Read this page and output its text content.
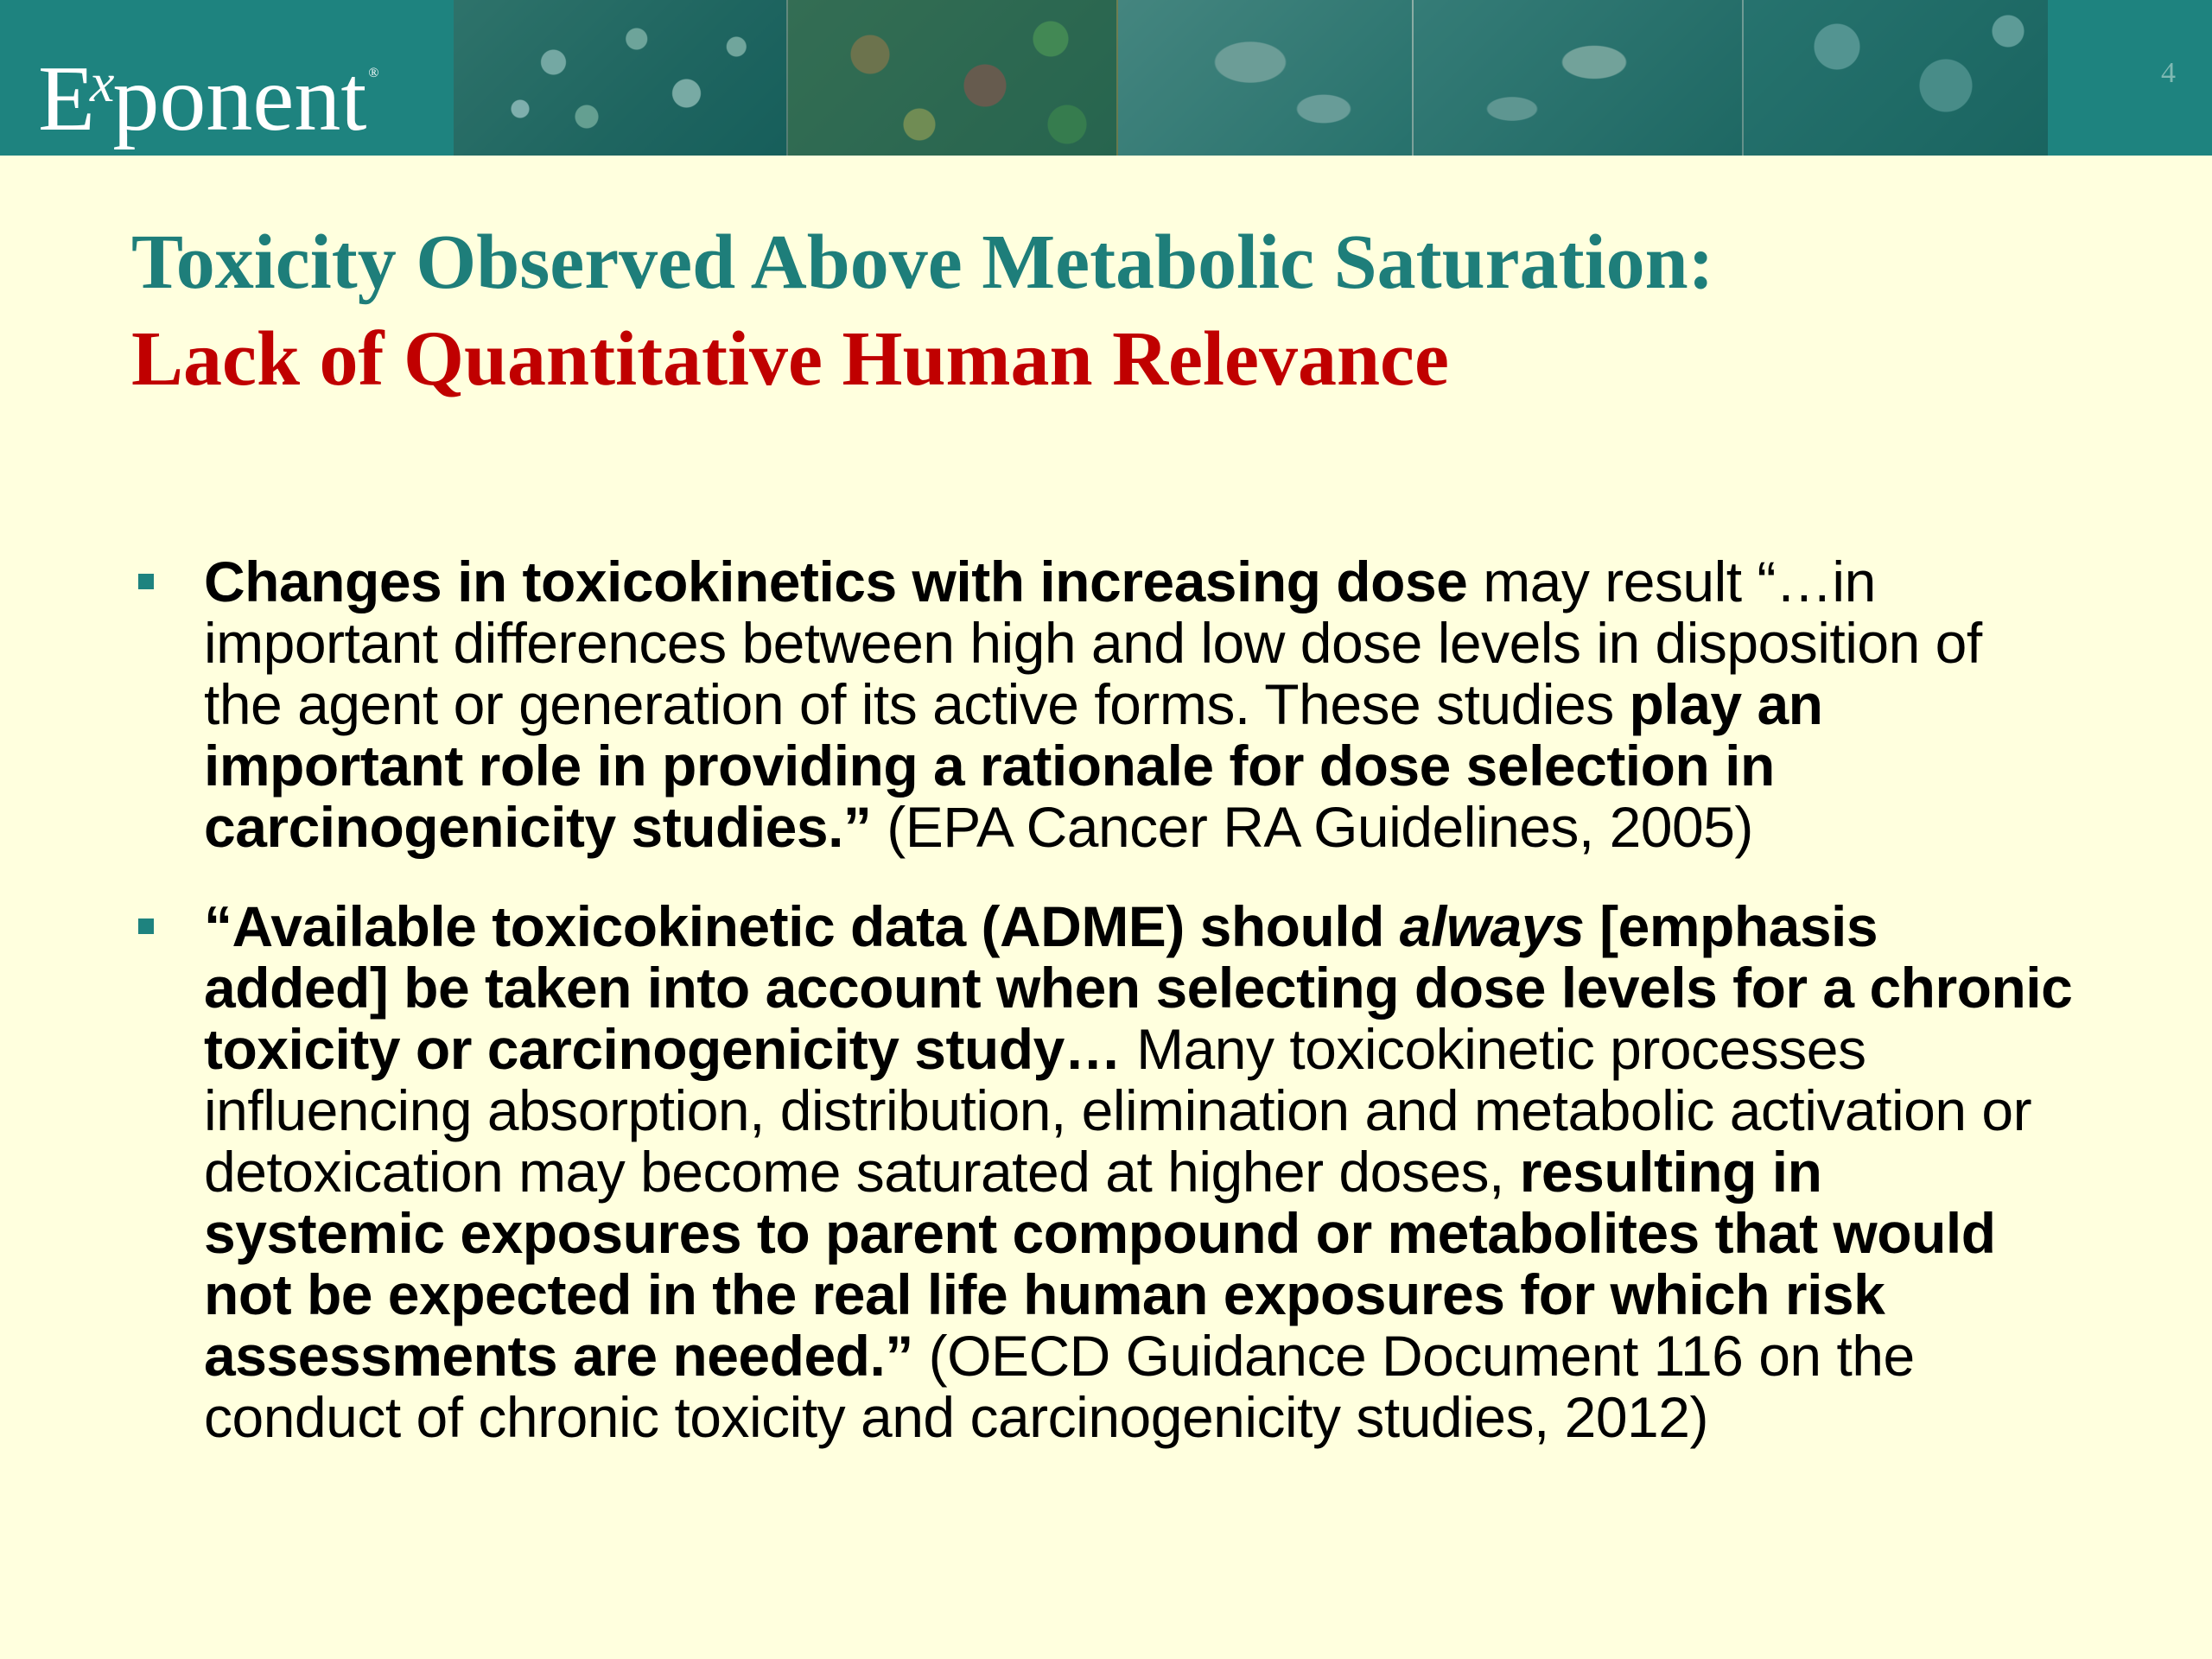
$E^xponent$ ®	4
Toxicity Observed Above Metabolic Saturation:
Lack of Quantitative Human Relevance
Changes in toxicokinetics with increasing dose may result “…in important differences between high and low dose levels in disposition of the agent or generation of its active forms. These studies play an important role in providing a rationale for dose selection in carcinogenicity studies.” (EPA Cancer RA Guidelines, 2005)
“Available toxicokinetic data (ADME) should always [emphasis added] be taken into account when selecting dose levels for a chronic toxicity or carcinogenicity study… Many toxicokinetic processes influencing absorption, distribution, elimination and metabolic activation or detoxication may become saturated at higher doses, resulting in systemic exposures to parent compound or metabolites that would not be expected in the real life human exposures for which risk assessments are needed.” (OECD Guidance Document 116 on the conduct of chronic toxicity and carcinogenicity studies, 2012)
